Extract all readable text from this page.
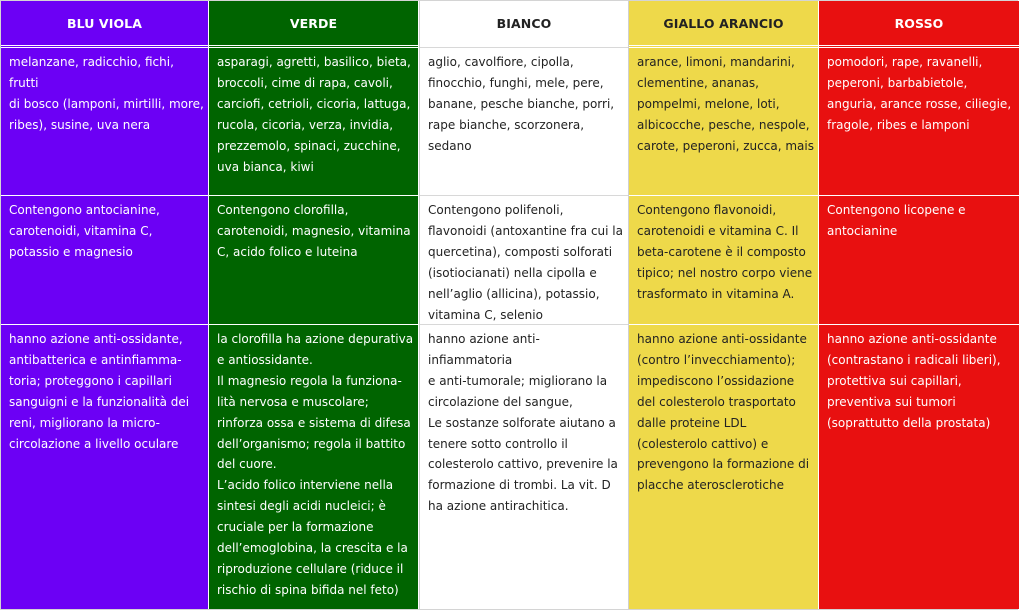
BLU VIOLA
melanzane, radicchio, fichi, frutti
di bosco (lamponi, mirtilli, more,
ribes), susine, uva nera
Contengono antocianine,
carotenoidi, vitamina C,
potassio e magnesio
hanno azione anti-ossidante,
antibatterica e antinfiamma-
toria; proteggono i capillari
sanguigni e la funzionalità dei
reni, migliorano la micro-
circolazione a livello oculare
VERDE
asparagi, agretti, basilico, bieta,
broccoli, cime di rapa, cavoli,
carciofi, cetrioli, cicoria, lattuga,
rucola, cicoria, verza, invidia,
prezzemolo, spinaci, zucchine,
uva bianca, kiwi
Contengono clorofilla,
carotenoidi, magnesio, vitamina
C, acido folico e luteina
la clorofilla ha azione depurativa
e antiossidante.
Il magnesio regola la funziona-
lità nervosa e muscolare;
rinforza ossa e sistema di difesa
dell’organismo; regola il battito
del cuore.
L’acido folico interviene nella
sintesi degli acidi nucleici; è
cruciale per la formazione
dell’emoglobina, la crescita e la
riproduzione cellulare (riduce il
rischio di spina bifida nel feto)
BIANCO
aglio, cavolfiore, cipolla,
finocchio, funghi, mele, pere,
banane, pesche bianche, porri,
rape bianche, scorzonera,
sedano
Contengono polifenoli,
flavonoidi (antoxantine fra cui la
quercetina), composti solforati
(isotiocianati) nella cipolla e
nell’aglio (allicina), potassio,
vitamina C, selenio
hanno azione anti-infiammatoria
e anti-tumorale; migliorano la
circolazione del sangue,
Le sostanze solforate aiutano a
tenere sotto controllo il
colesterolo cattivo, prevenire la
formazione di trombi. La vit. D
ha azione antirachitica.
GIALLO ARANCIO
arance, limoni, mandarini,
clementine, ananas,
pompelmi, melone, loti,
albicocche, pesche, nespole,
carote, peperoni, zucca, mais
Contengono flavonoidi,
carotenoidi e vitamina C. Il
beta-carotene è il composto
tipico; nel nostro corpo viene
trasformato in vitamina A.
hanno azione anti-ossidante
(contro l’invecchiamento);
impediscono l’ossidazione
del colesterolo trasportato
dalle proteine LDL
(colesterolo cattivo) e
prevengono la formazione di
placche aterosclerotiche
ROSSO
pomodori, rape, ravanelli,
peperoni, barbabietole,
anguria, arance rosse, ciliegie,
fragole, ribes e lamponi
Contengono licopene e
antocianine
hanno azione anti-ossidante
(contrastano i radicali liberi),
protettiva sui capillari,
preventiva sui tumori
(soprattutto della prostata)
